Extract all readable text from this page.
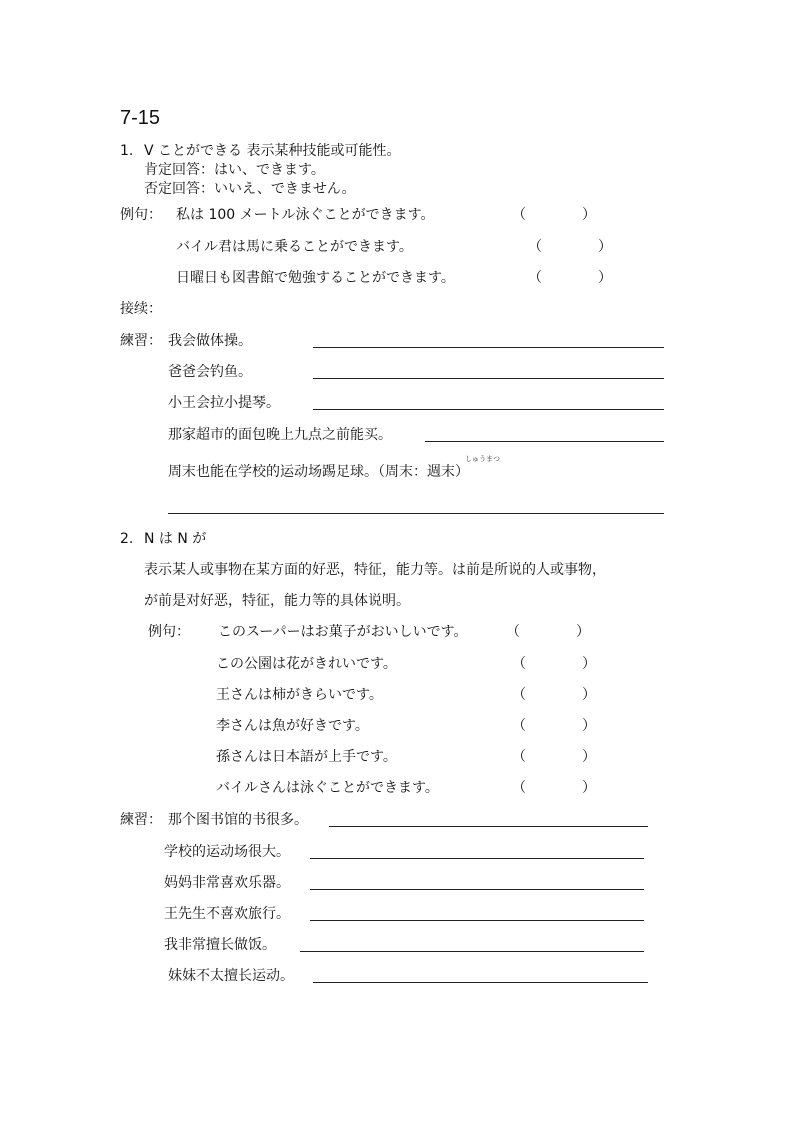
7-15
1. V ことができる 表示某种技能或可能性。
肯定回答：はい、できます。
否定回答：いいえ、できません。
例句： 私は 100 メートル泳ぐことができます。	（　　　　）
バイル君は馬に乗ることができます。	（　　　　）
日曜日も図書館で勉強することができます。	（　　　　）
接续：
練習： 我会做体操。
爸爸会钓鱼。
小王会拉小提琴。
那家超市的面包晚上九点之前能买。
しゅうまつ
周末也能在学校的运动场踢足球。（周末：週末）
2. N は N が
表示某人或事物在某方面的好恶，特征，能力等。は前是所说的人或事物，
が前是对好恶，特征，能力等的具体说明。
例句： このスーパーはお菓子がおいしいです。	（　　　　）
この公園は花がきれいです。	（　　　　）
王さんは柿がきらいです。	（　　　　）
李さんは魚が好きです。	（　　　　）
孫さんは日本語が上手です。	（　　　　）
バイルさんは泳ぐことができます。	（　　　　）
練習： 那个图书馆的书很多。
学校的运动场很大。
妈妈非常喜欢乐器。
王先生不喜欢旅行。
我非常擅长做饭。
妹妹不太擅长运动。
